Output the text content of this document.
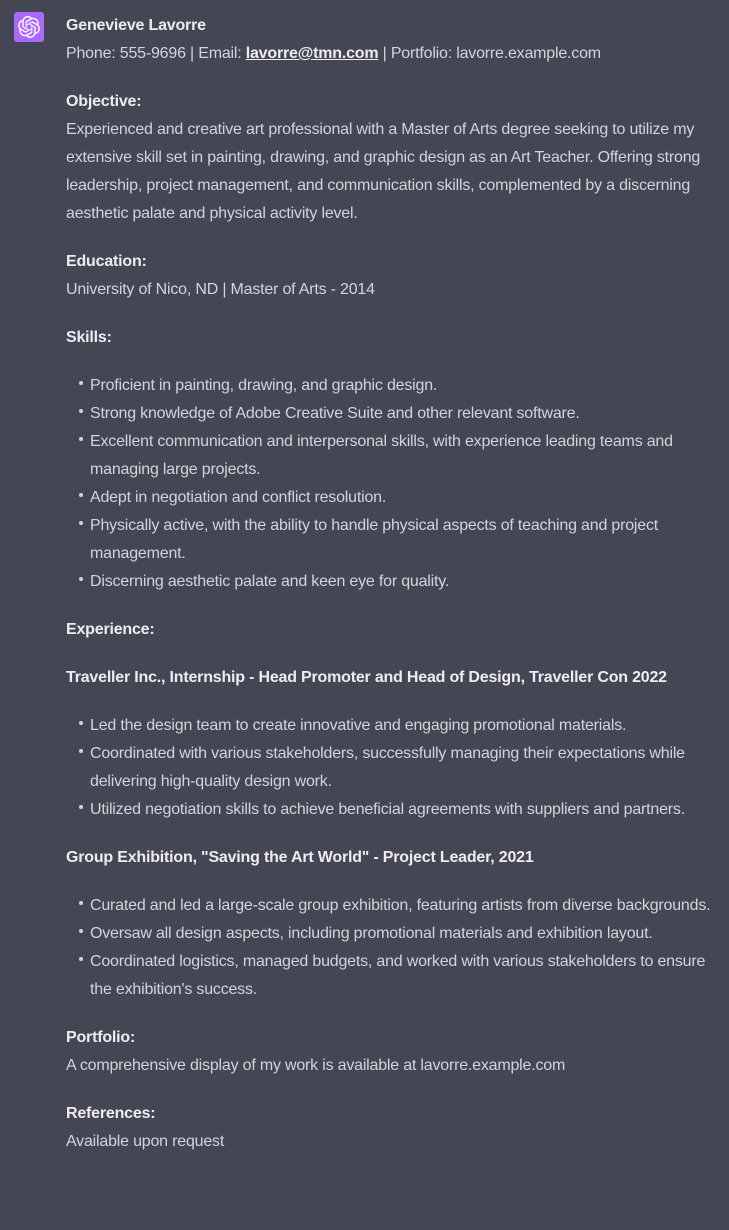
Genevieve Lavorre
Phone: 555-9696 | Email: lavorre@tmn.com | Portfolio: lavorre.example.com

Objective:
Experienced and creative art professional with a Master of Arts degree seeking to utilize my extensive skill set in painting, drawing, and graphic design as an Art Teacher. Offering strong leadership, project management, and communication skills, complemented by a discerning aesthetic palate and physical activity level.

Education:
University of Nico, ND | Master of Arts - 2014

Skills:

Proficient in painting, drawing, and graphic design.
Strong knowledge of Adobe Creative Suite and other relevant software.
Excellent communication and interpersonal skills, with experience leading teams and managing large projects.
Adept in negotiation and conflict resolution.
Physically active, with the ability to handle physical aspects of teaching and project management.
Discerning aesthetic palate and keen eye for quality.

Experience:

Traveller Inc., Internship - Head Promoter and Head of Design, Traveller Con 2022

Led the design team to create innovative and engaging promotional materials.
Coordinated with various stakeholders, successfully managing their expectations while delivering high-quality design work.
Utilized negotiation skills to achieve beneficial agreements with suppliers and partners.

Group Exhibition, "Saving the Art World" - Project Leader, 2021

Curated and led a large-scale group exhibition, featuring artists from diverse backgrounds.
Oversaw all design aspects, including promotional materials and exhibition layout.
Coordinated logistics, managed budgets, and worked with various stakeholders to ensure the exhibition's success.

Portfolio:
A comprehensive display of my work is available at lavorre.example.com

References:
Available upon request
